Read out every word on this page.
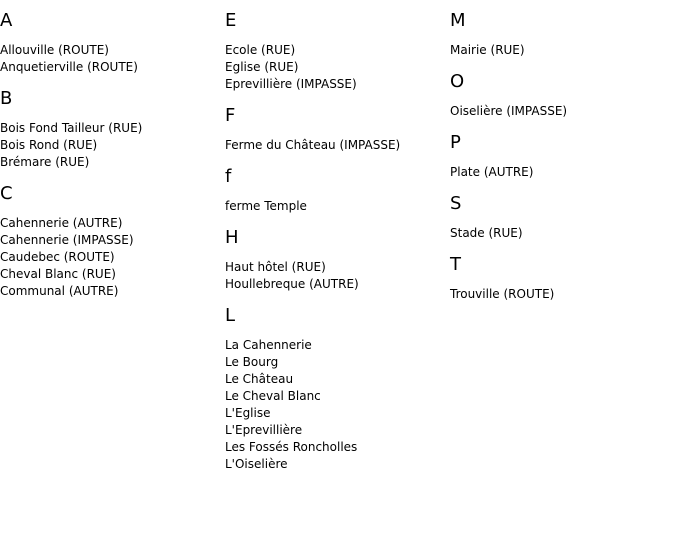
A
Allouville (ROUTE)
Anquetierville (ROUTE)
B
Bois Fond Tailleur (RUE)
Bois Rond (RUE)
Brémare (RUE)
C
Cahennerie (AUTRE)
Cahennerie (IMPASSE)
Caudebec (ROUTE)
Cheval Blanc (RUE)
Communal (AUTRE)
E
Ecole (RUE)
Eglise (RUE)
Eprevillière (IMPASSE)
F
Ferme du Château (IMPASSE)
f
ferme Temple
H
Haut hôtel (RUE)
Houllebreque (AUTRE)
L
La Cahennerie
Le Bourg
Le Château
Le Cheval Blanc
L'Eglise
L'Eprevillière
Les Fossés Roncholles
L'Oiselière
M
Mairie (RUE)
O
Oiselière (IMPASSE)
P
Plate (AUTRE)
S
Stade (RUE)
T
Trouville (ROUTE)
